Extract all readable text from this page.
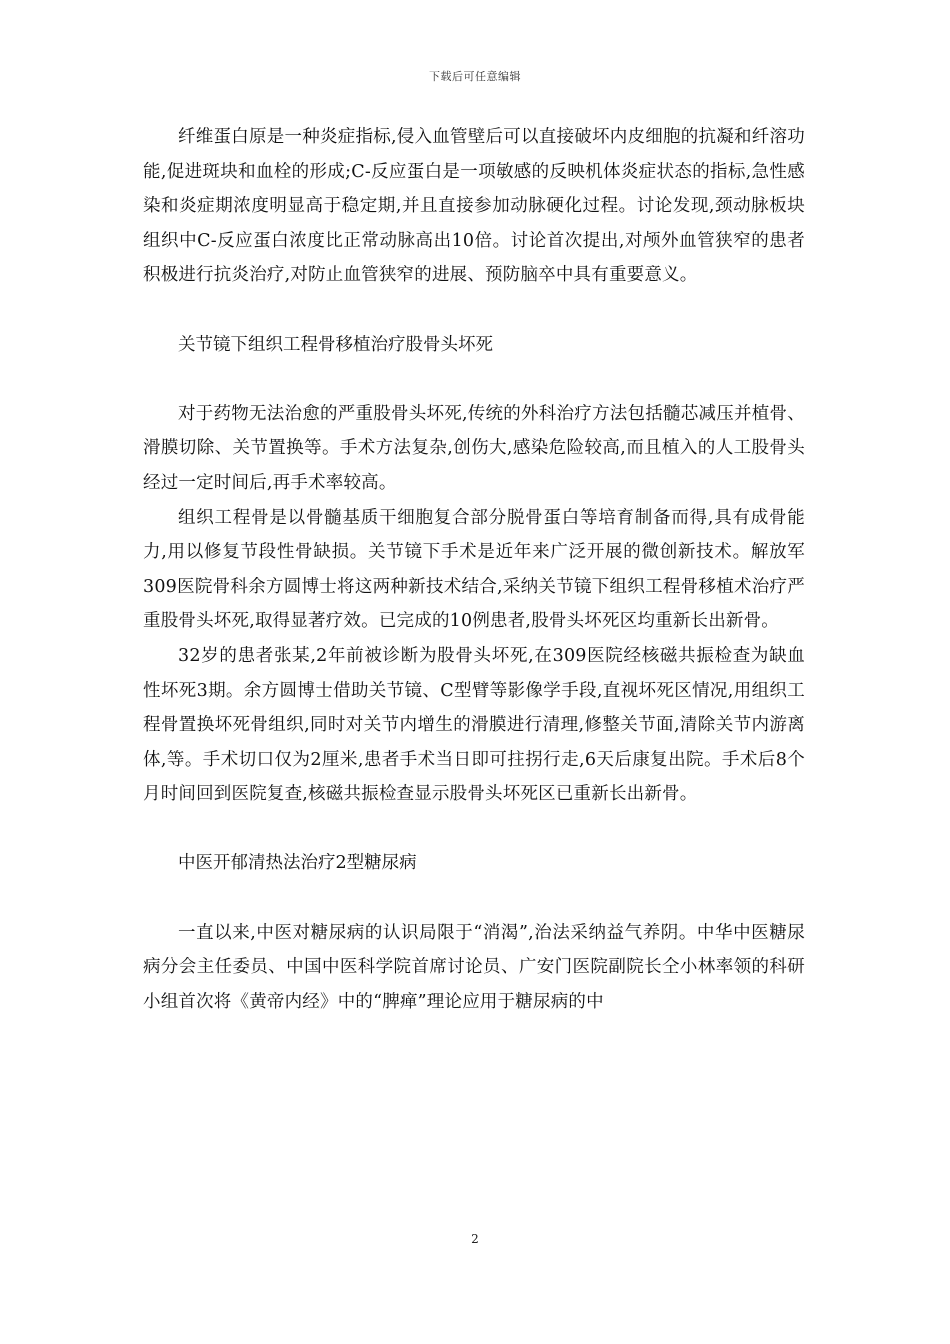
下载后可任意编辑

纤维蛋白原是一种炎症指标,侵入血管壁后可以直接破坏内皮细胞的抗凝和纤溶功能,促进斑块和血栓的形成;C-反应蛋白是一项敏感的反映机体炎症状态的指标,急性感染和炎症期浓度明显高于稳定期,并且直接参加动脉硬化过程。讨论发现,颈动脉板块组织中C-反应蛋白浓度比正常动脉高出10倍。讨论首次提出,对颅外血管狭窄的患者积极进行抗炎治疗,对防止血管狭窄的进展、预防脑卒中具有重要意义。

关节镜下组织工程骨移植治疗股骨头坏死

对于药物无法治愈的严重股骨头坏死,传统的外科治疗方法包括髓芯减压并植骨、滑膜切除、关节置换等。手术方法复杂,创伤大,感染危险较高,而且植入的人工股骨头经过一定时间后,再手术率较高。

组织工程骨是以骨髓基质干细胞复合部分脱骨蛋白等培育制备而得,具有成骨能力,用以修复节段性骨缺损。关节镜下手术是近年来广泛开展的微创新技术。解放军309医院骨科余方圆博士将这两种新技术结合,采纳关节镜下组织工程骨移植术治疗严重股骨头坏死,取得显著疗效。已完成的10例患者,股骨头坏死区均重新长出新骨。

32岁的患者张某,2年前被诊断为股骨头坏死,在309医院经核磁共振检查为缺血性坏死3期。余方圆博士借助关节镜、C型臂等影像学手段,直视坏死区情况,用组织工程骨置换坏死骨组织,同时对关节内增生的滑膜进行清理,修整关节面,清除关节内游离体,等。手术切口仅为2厘米,患者手术当日即可拄拐行走,6天后康复出院。手术后8个月时间回到医院复查,核磁共振检查显示股骨头坏死区已重新长出新骨。

中医开郁清热法治疗2型糖尿病

一直以来,中医对糖尿病的认识局限于“消渴”,治法采纳益气养阴。中华中医糖尿病分会主任委员、中国中医科学院首席讨论员、广安门医院副院长仝小林率领的科研小组首次将《黄帝内经》中的“脾瘅”理论应用于糖尿病的中

2
